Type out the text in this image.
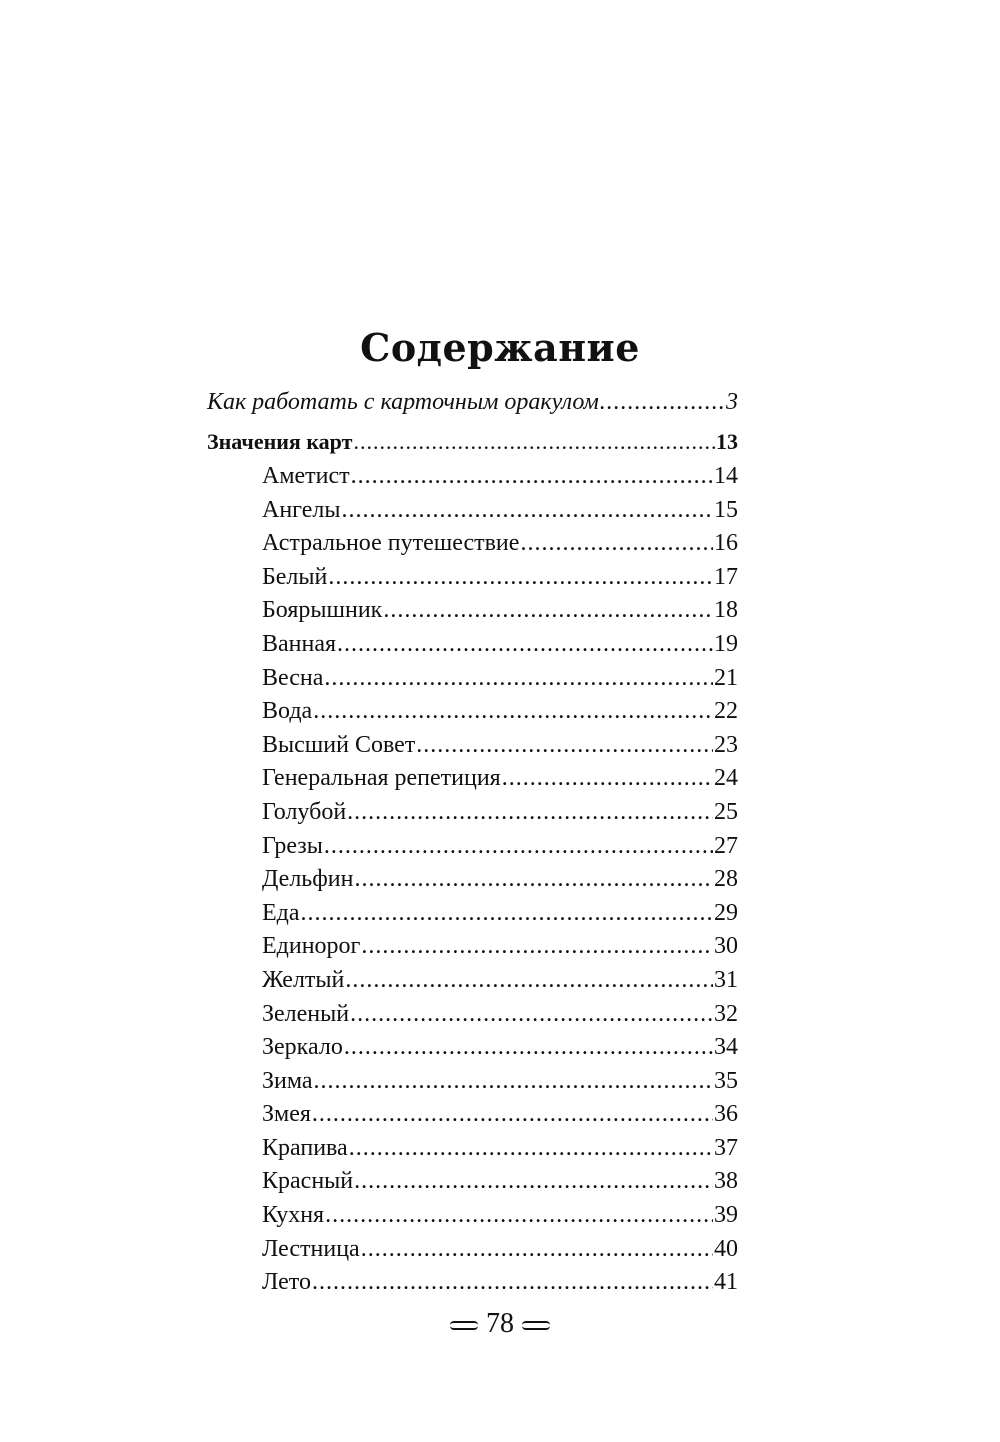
Содержание
Как работать с карточным оракулом .....	3
Значения карт .....	13
Аметист .....	14
Ангелы .....	15
Астральное путешествие .....	16
Белый .....	17
Боярышник .....	18
Ванная .....	19
Весна .....	21
Вода .....	22
Высший Совет .....	23
Генеральная репетиция .....	24
Голубой .....	25
Грезы .....	27
Дельфин .....	28
Еда .....	29
Единорог .....	30
Желтый .....	31
Зеленый .....	32
Зеркало .....	34
Зима .....	35
Змея .....	36
Крапива .....	37
Красный .....	38
Кухня .....	39
Лестница .....	40
Лето .....	41
78
